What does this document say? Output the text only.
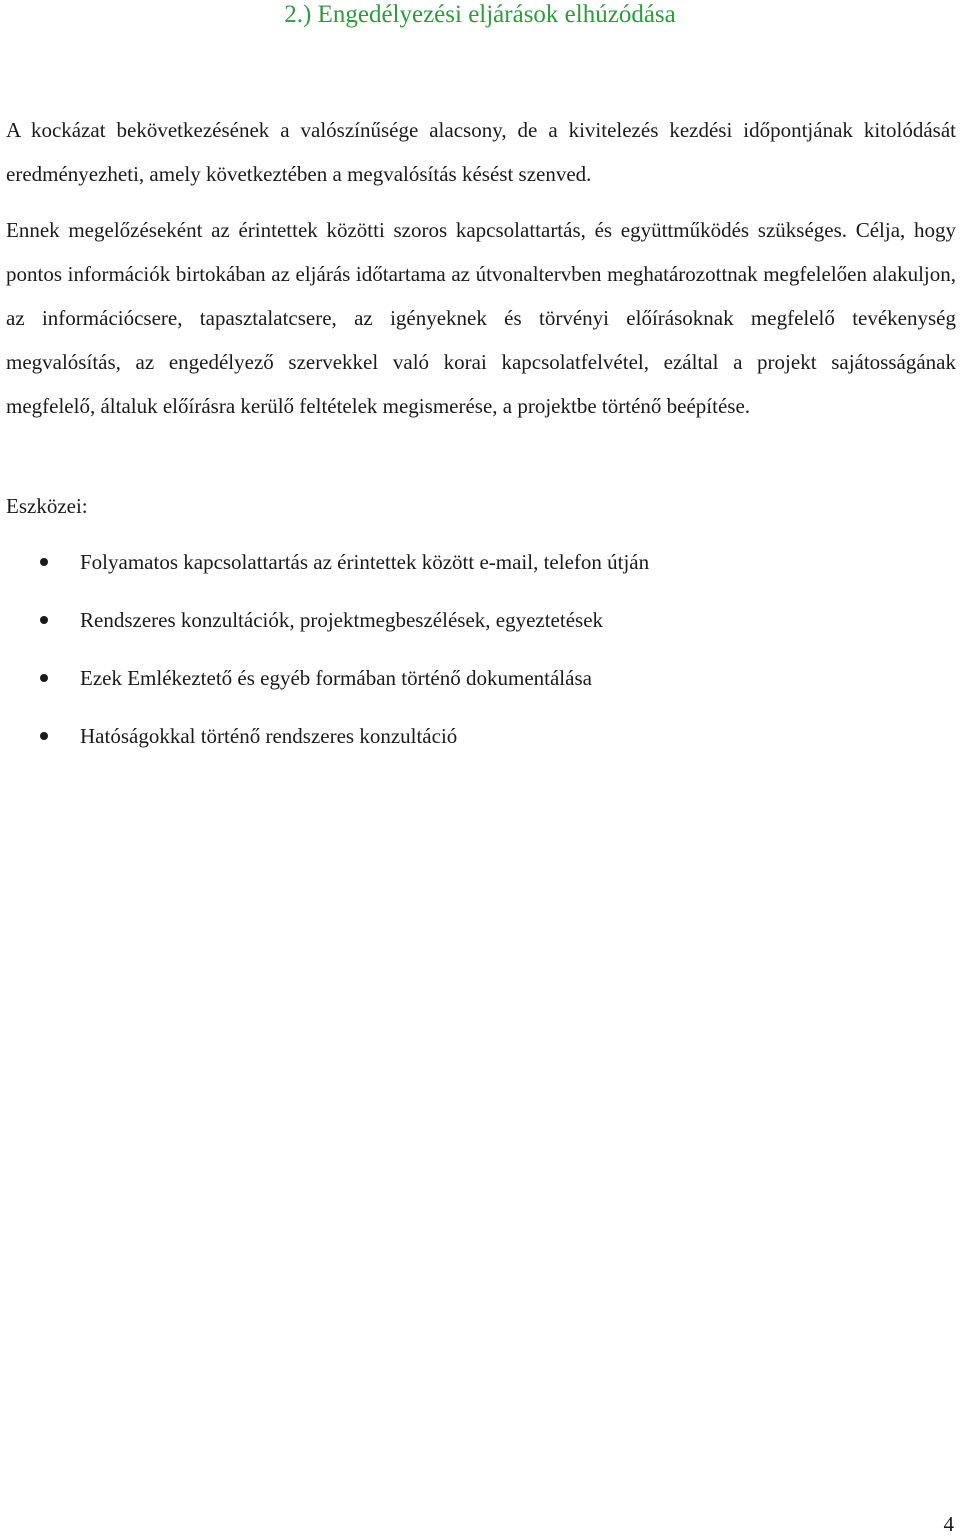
2.) Engedélyezési eljárások elhúzódása

A kockázat bekövetkezésének a valószínűsége alacsony, de a kivitelezés kezdési időpontjának kitolódását eredményezheti, amely következtében a megvalósítás késést szenved.

Ennek megelőzéseként az érintettek közötti szoros kapcsolattartás, és együttműködés szükséges. Célja, hogy pontos információk birtokában az eljárás időtartama az útvonaltervben meghatározottnak megfelelően alakuljon, az információcsere, tapasztalatcsere, az igényeknek és törvényi előírásoknak megfelelő tevékenység megvalósítás, az engedélyező szervekkel való korai kapcsolatfelvétel, ezáltal a projekt sajátosságának megfelelő, általuk előírásra kerülő feltételek megismerése, a projektbe történő beépítése.

Eszközei:

Folyamatos kapcsolattartás az érintettek között e-mail, telefon útján
Rendszeres konzultációk, projektmegbeszélések, egyeztetések
Ezek Emlékeztető és egyéb formában történő dokumentálása
Hatóságokkal történő rendszeres konzultáció
4
